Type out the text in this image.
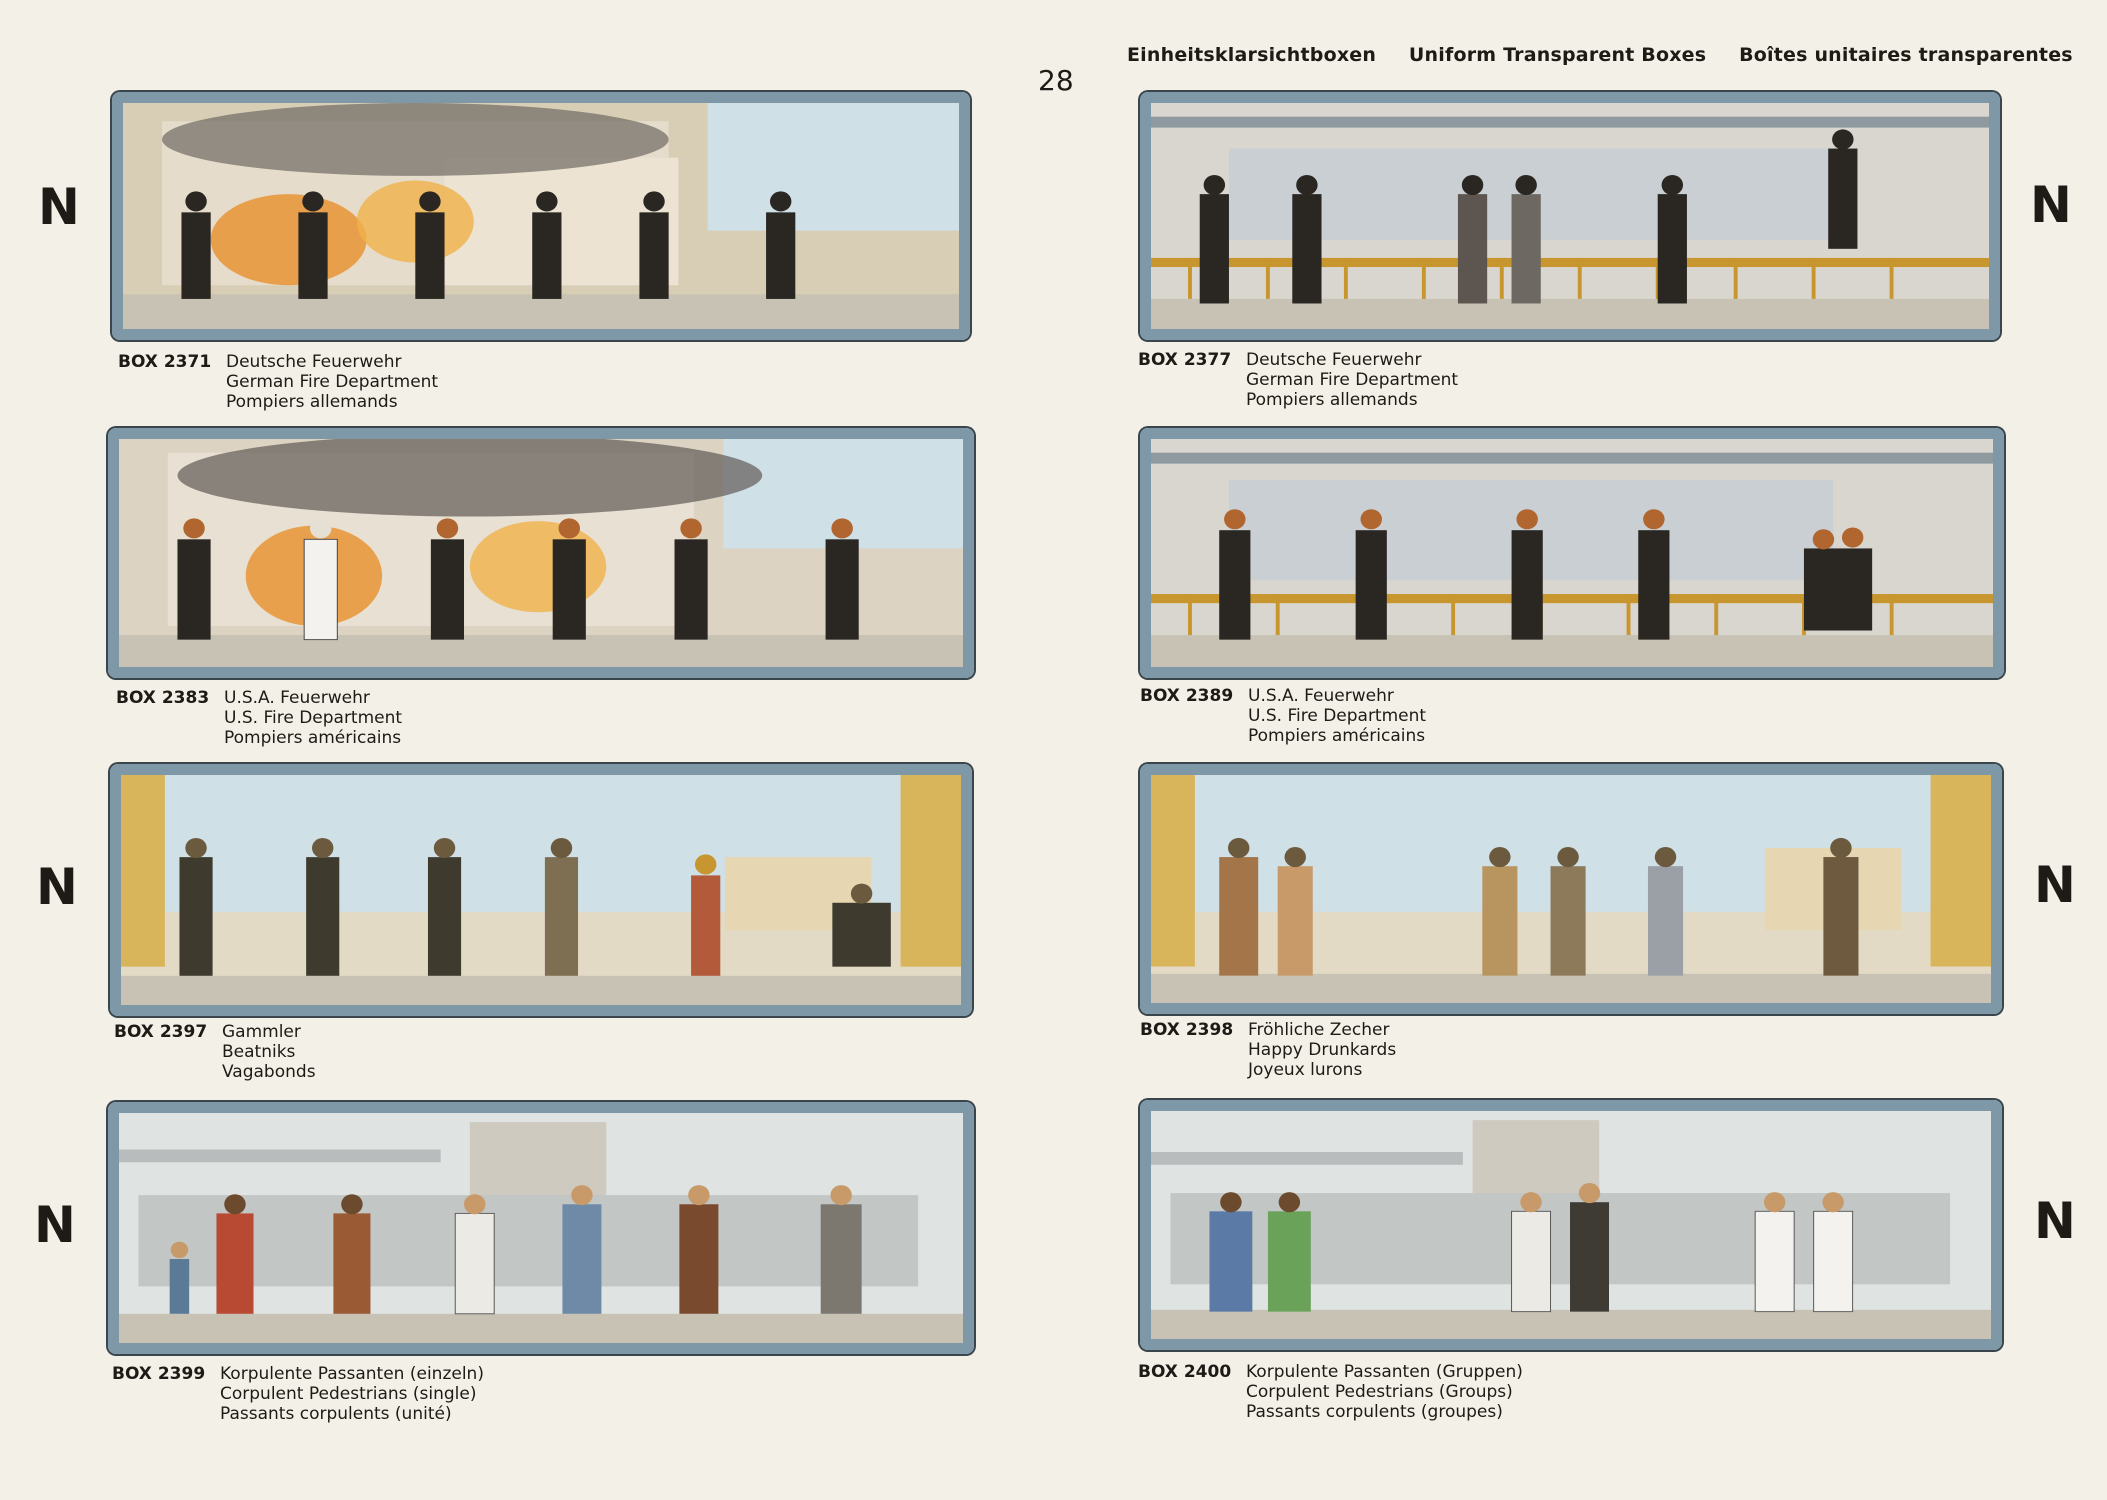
28
Einheitsklarsichtboxen Uniform Transparent Boxes Boîtes unitaires transparentes
N	N
N	N
N	N
BOX 2371 Deutsche Feuerwehr
German Fire Department
Pompiers allemands
BOX 2377 Deutsche Feuerwehr
German Fire Department
Pompiers allemands
BOX 2383 U.S.A. Feuerwehr
U.S. Fire Department
Pompiers américains
BOX 2389 U.S.A. Feuerwehr
U.S. Fire Department
Pompiers américains
BOX 2397 Gammler
Beatniks
Vagabonds
BOX 2398 Fröhliche Zecher
Happy Drunkards
Joyeux lurons
BOX 2399 Korpulente Passanten (einzeln)
Corpulent Pedestrians (single)
Passants corpulents (unité)
BOX 2400 Korpulente Passanten (Gruppen)
Corpulent Pedestrians (Groups)
Passants corpulents (groupes)
